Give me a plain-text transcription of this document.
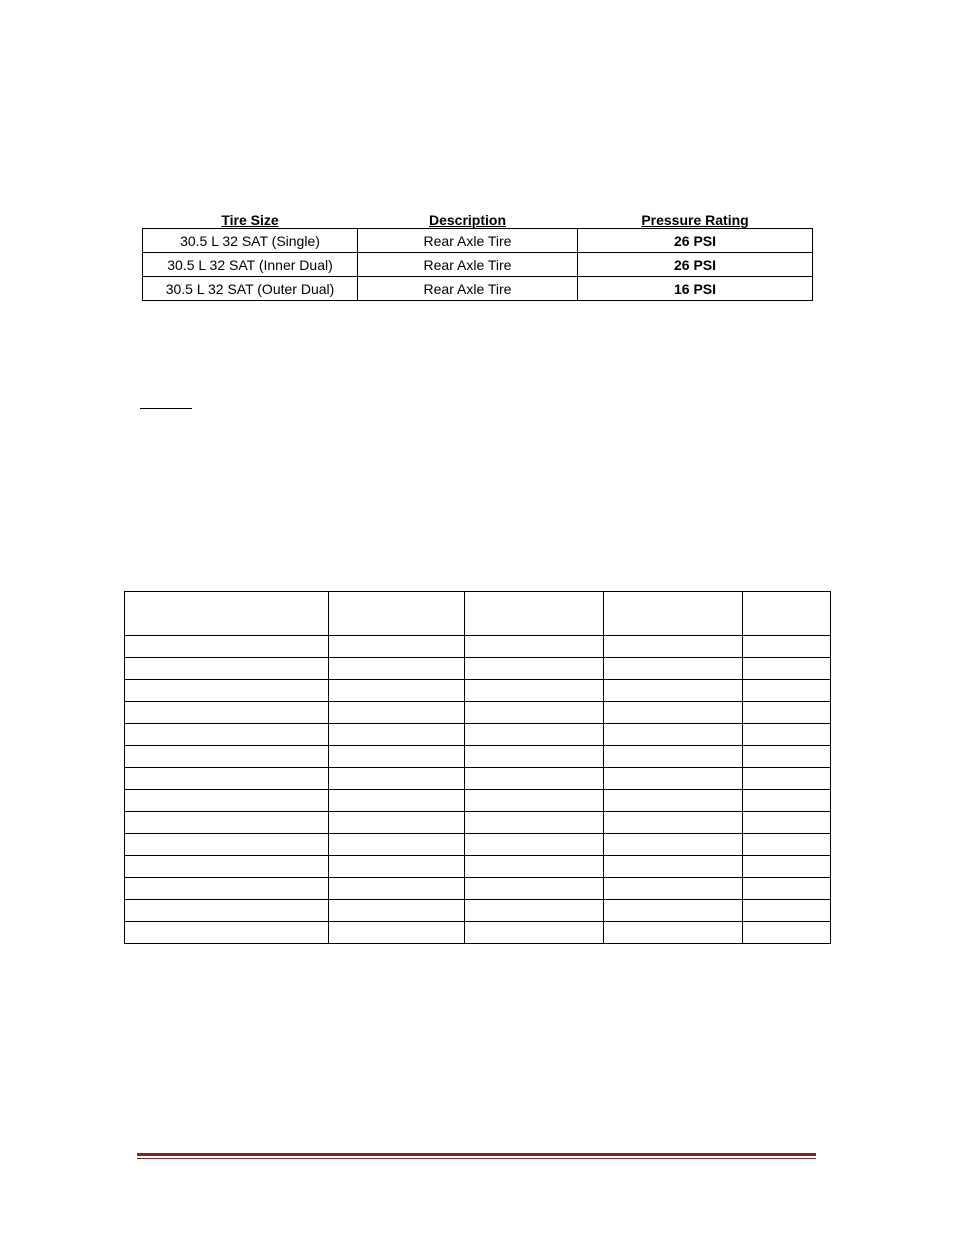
Tire Size	Description	Pressure Rating
30.5 L 32 SAT (Single)	Rear Axle Tire	26 PSI
30.5 L 32 SAT (Inner Dual)	Rear Axle Tire	26 PSI
30.5 L 32 SAT (Outer Dual)	Rear Axle Tire	16 PSI
